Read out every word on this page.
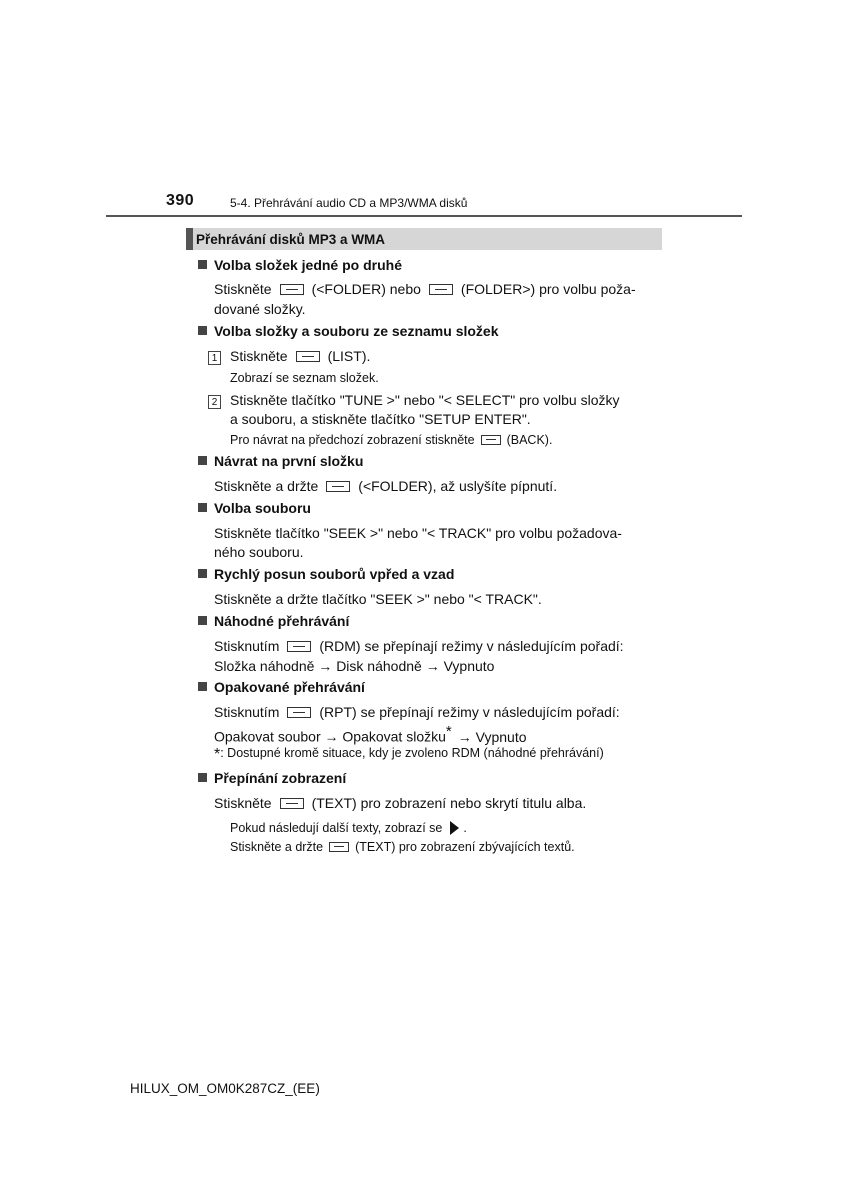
390	5-4. Přehrávání audio CD a MP3/WMA disků
Přehrávání disků MP3 a WMA
Volba složek jedné po druhé
Stiskněte	(<FOLDER) nebo	(FOLDER>) pro volbu poža-
dované složky.
Volba složky a souboru ze seznamu složek
1 Stiskněte	(LIST).
Zobrazí se seznam složek.
2 Stiskněte tlačítko "TUNE >" nebo "< SELECT" pro volbu složky
a souboru, a stiskněte tlačítko "SETUP ENTER".
Pro návrat na předchozí zobrazení stiskněte	(BACK).
Návrat na první složku
Stiskněte a držte	(<FOLDER), až uslyšíte pípnutí.
Volba souboru
Stiskněte tlačítko "SEEK >" nebo "< TRACK" pro volbu požadova-
ného souboru.
Rychlý posun souborů vpřed a vzad
Stiskněte a držte tlačítko "SEEK >" nebo "< TRACK".
Náhodné přehrávání
Stisknutím	(RDM) se přepínají režimy v následujícím pořadí:
Složka náhodně → Disk náhodně → Vypnuto
Opakované přehrávání
Stisknutím	(RPT) se přepínají režimy v následujícím pořadí:
Opakovat soubor → Opakovat složku* → Vypnuto
*: Dostupné kromě situace, kdy je zvoleno RDM (náhodné přehrávání)
Přepínání zobrazení
Stiskněte	(TEXT) pro zobrazení nebo skrytí titulu alba.
Pokud následují další texty, zobrazí se .
Stiskněte a držte	(TEXT) pro zobrazení zbývajících textů.
HILUX_OM_OM0K287CZ_(EE)
